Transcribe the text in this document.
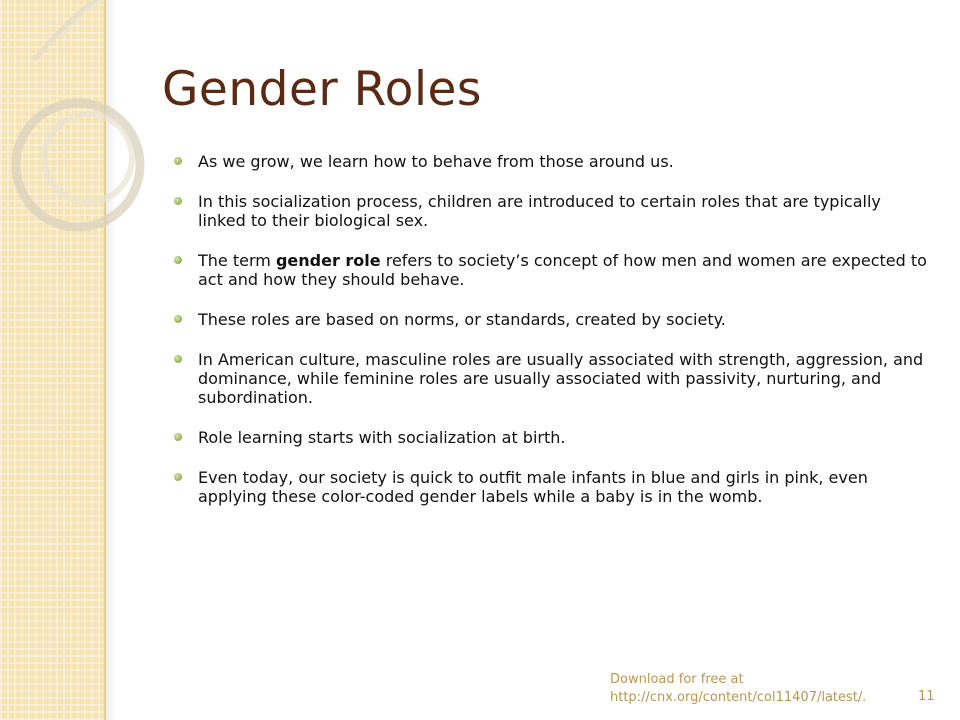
Gender Roles
As we grow, we learn how to behave from those around us.
In this socialization process, children are introduced to certain roles that are typically linked to their biological sex.
The term gender role refers to society’s concept of how men and women are expected to act and how they should behave.
These roles are based on norms, or standards, created by society.
In American culture, masculine roles are usually associated with strength, aggression, and dominance, while feminine roles are usually associated with passivity, nurturing, and subordination.
Role learning starts with socialization at birth.
Even today, our society is quick to outfit male infants in blue and girls in pink, even applying these color-coded gender labels while a baby is in the womb.
Download for free at
http://cnx.org/content/col11407/latest/.	11
